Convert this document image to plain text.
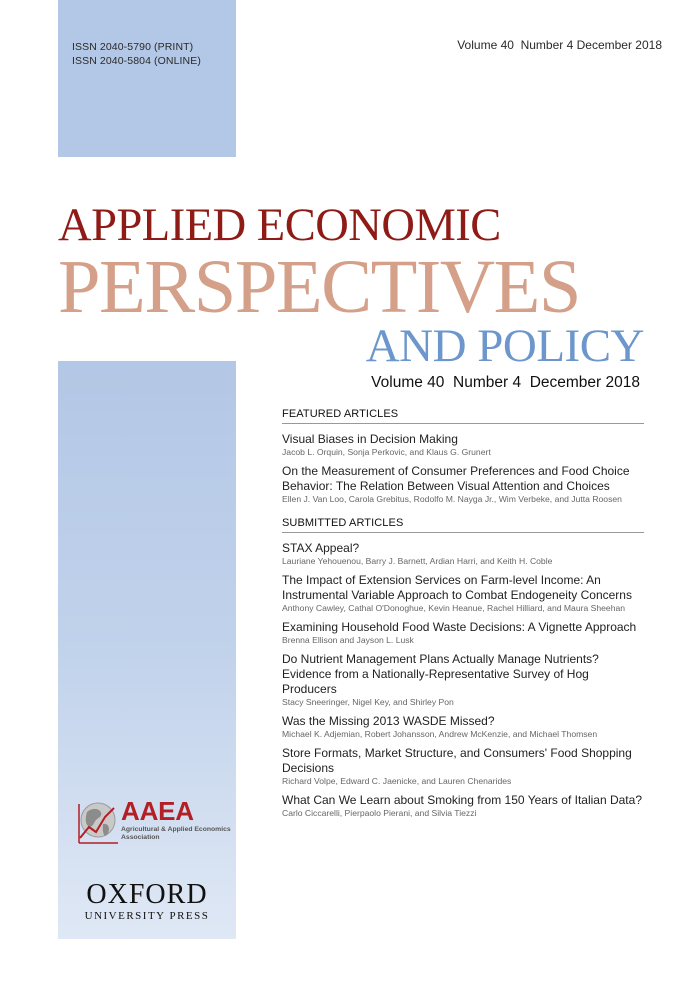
ISSN 2040-5790 (PRINT)
ISSN 2040-5804 (ONLINE)
Volume 40  Number 4 December 2018
APPLIED ECONOMIC
PERSPECTIVES
AND POLICY
Volume 40  Number 4  December 2018
FEATURED ARTICLES
Visual Biases in Decision Making
Jacob L. Orquin, Sonja Perkovic, and Klaus G. Grunert
On the Measurement of Consumer Preferences and Food Choice Behavior: The Relation Between Visual Attention and Choices
Ellen J. Van Loo, Carola Grebitus, Rodolfo M. Nayga Jr., Wim Verbeke, and Jutta Roosen
SUBMITTED ARTICLES
STAX Appeal?
Lauriane Yehouenou, Barry J. Barnett, Ardian Harri, and Keith H. Coble
The Impact of Extension Services on Farm-level Income: An Instrumental Variable Approach to Combat Endogeneity Concerns
Anthony Cawley, Cathal O'Donoghue, Kevin Heanue, Rachel Hilliard, and Maura Sheehan
Examining Household Food Waste Decisions: A Vignette Approach
Brenna Ellison and Jayson L. Lusk
Do Nutrient Management Plans Actually Manage Nutrients? Evidence from a Nationally-Representative Survey of Hog Producers
Stacy Sneeringer, Nigel Key, and Shirley Pon
Was the Missing 2013 WASDE Missed?
Michael K. Adjemian, Robert Johansson, Andrew McKenzie, and Michael Thomsen
Store Formats, Market Structure, and Consumers' Food Shopping Decisions
Richard Volpe, Edward C. Jaenicke, and Lauren Chenarides
What Can We Learn about Smoking from 150 Years of Italian Data?
Carlo Ciccarelli, Pierpaolo Pierani, and Silvia Tiezzi
AAEA
Agricultural & Applied Economics Association
OXFORD
UNIVERSITY PRESS
